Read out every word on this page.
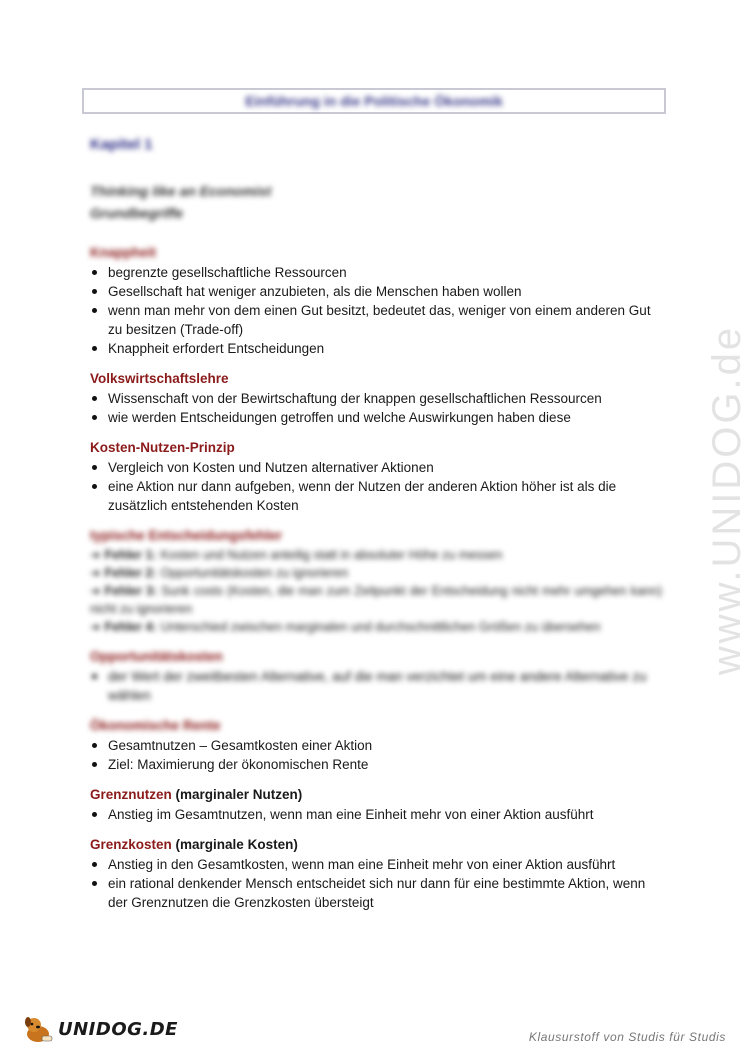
Einführung in die Politische Ökonomik
Kapitel 1
Thinking like an Economist
Grundbegriffe
Knappheit
begrenzte gesellschaftliche Ressourcen
Gesellschaft hat weniger anzubieten, als die Menschen haben wollen
wenn man mehr von dem einen Gut besitzt, bedeutet das, weniger von einem anderen Gut zu besitzen (Trade-off)
Knappheit erfordert Entscheidungen
Volkswirtschaftslehre
Wissenschaft von der Bewirtschaftung der knappen gesellschaftlichen Ressourcen
wie werden Entscheidungen getroffen und welche Auswirkungen haben diese
Kosten-Nutzen-Prinzip
Vergleich von Kosten und Nutzen alternativer Aktionen
eine Aktion nur dann aufgeben, wenn der Nutzen der anderen Aktion höher ist als die zusätzlich entstehenden Kosten
typische Entscheidungsfehler
➔ Fehler 1: Kosten und Nutzen anteilig statt in absoluter Höhe zu messen
➔ Fehler 2: Opportunitätskosten zu ignorieren
➔ Fehler 3: Sunk costs (Kosten, die man zum Zeitpunkt der Entscheidung nicht mehr umgehen kann) nicht zu ignorieren
➔ Fehler 4: Unterschied zwischen marginalen und durchschnittlichen Größen zu übersehen
Opportunitätskosten
der Wert der zweitbesten Alternative, auf die man verzichtet um eine andere Alternative zu wählen
Ökonomische Rente
Gesamtnutzen – Gesamtkosten einer Aktion
Ziel: Maximierung der ökonomischen Rente
Grenznutzen (marginaler Nutzen)
Anstieg im Gesamtnutzen, wenn man eine Einheit mehr von einer Aktion ausführt
Grenzkosten (marginale Kosten)
Anstieg in den Gesamtkosten, wenn man eine Einheit mehr von einer Aktion ausführt
ein rational denkender Mensch entscheidet sich nur dann für eine bestimmte Aktion, wenn der Grenznutzen die Grenzkosten übersteigt
www.UNIDOG.de
UNIDOG.DE	Klausurstoff von Studis für Studis
